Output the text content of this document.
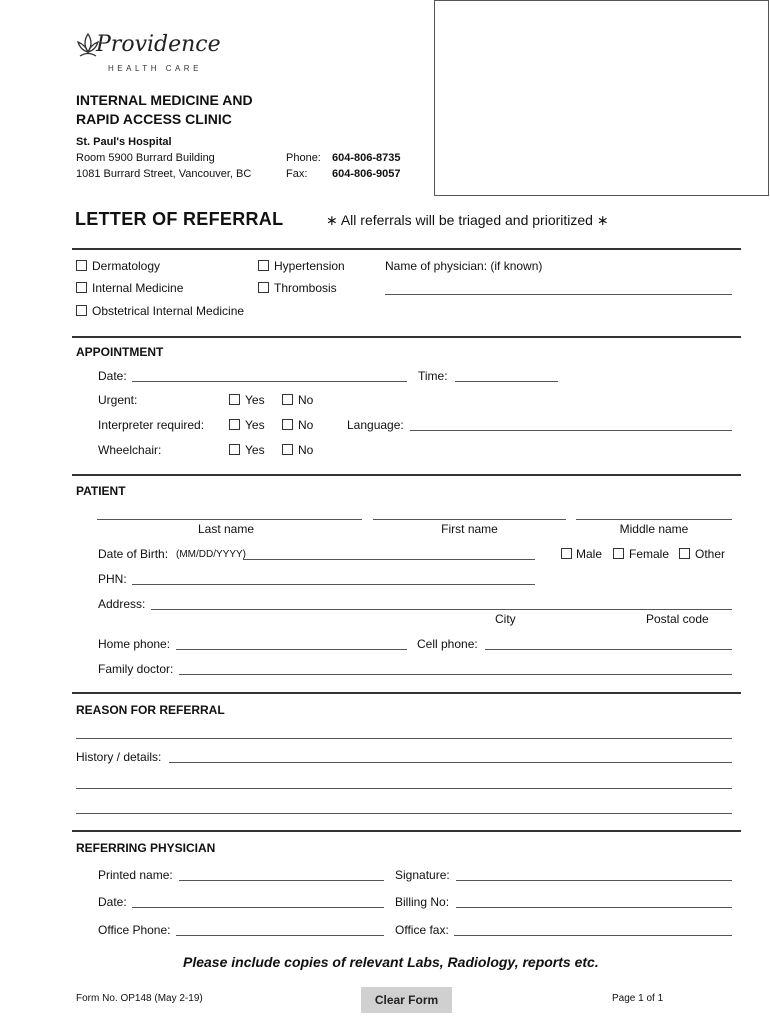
Providence
HEALTH CARE
INTERNAL MEDICINE AND
RAPID ACCESS CLINIC
St. Paul's Hospital
Room 5900 Burrard Building
1081 Burrard Street, Vancouver, BC
Phone: 604-806-8735
Fax: 604-806-9057
LETTER OF REFERRAL	∗ All referrals will be triaged and prioritized ∗
Dermatology
Internal Medicine
Obstetrical Internal Medicine
Hypertension
Thrombosis
Name of physician: (if known)
APPOINTMENT
Date:	Time:
Urgent:	Yes	No
Interpreter required:	Yes	No	Language:
Wheelchair:	Yes	No
PATIENT
Last name	First name	Middle name
Date of Birth: (MM/DD/YYYY)	Male Female Other
PHN:
Address:
City	Postal code
Home phone:	Cell phone:
Family doctor:
REASON FOR REFERRAL
History / details:
REFERRING PHYSICIAN
Printed name:	Signature:
Date:	Billing No:
Office Phone:	Office fax:
Please include copies of relevant Labs, Radiology, reports etc.
Form No. OP148 (May 2-19)	Clear Form	Page 1 of 1
